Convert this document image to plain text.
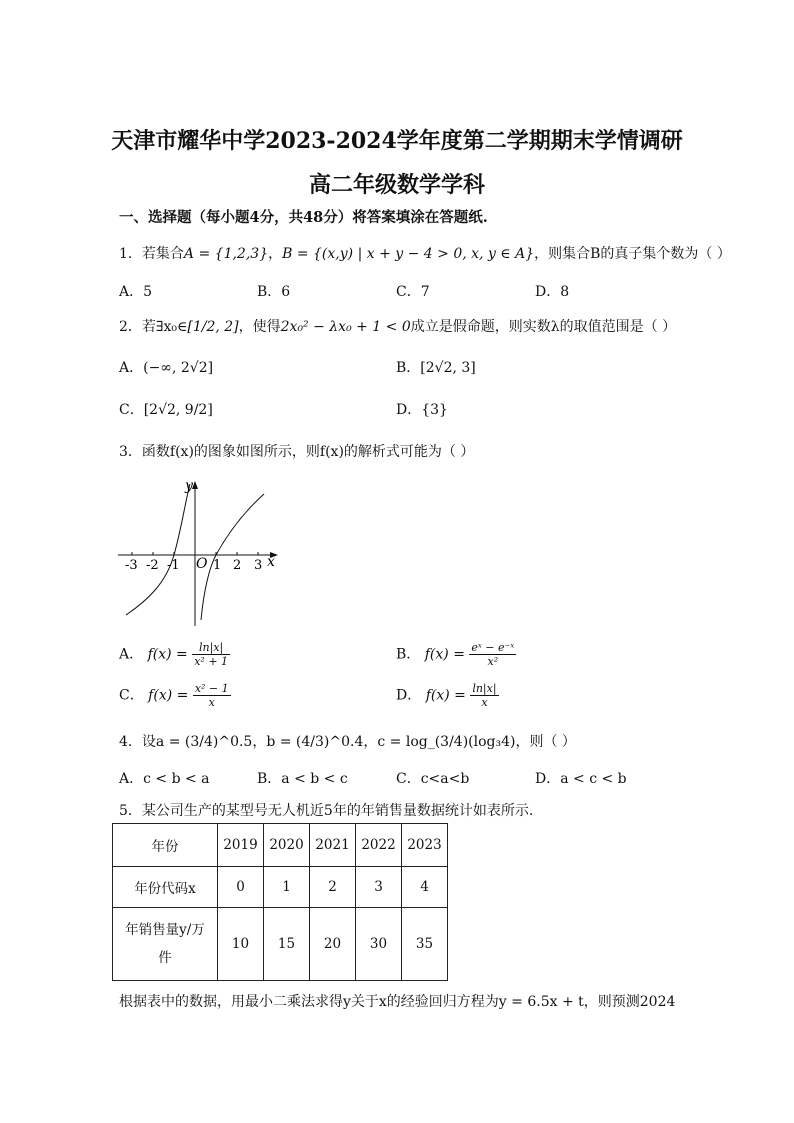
天津市耀华中学2023-2024学年度第二学期期末学情调研
高二年级数学学科
一、选择题（每小题4分，共48分）将答案填涂在答题纸.
1．若集合A = {1,2,3}，B = {(x,y) | x + y − 4 > 0, x, y ∈ A}，则集合B的真子集个数为（ ）
A．5	B．6	C．7	D．8
2．若∃x₀∈[1/2, 2]，使得2x₀² − λx₀ + 1 < 0成立是假命题，则实数λ的取值范围是（ ）
A．(−∞, 2√2]	B．[2√2, 3]
C．[2√2, 9/2]	D．{3}
3．函数f(x)的图象如图所示，则f(x)的解析式可能为（ ）
y
x
O
-3 -2 -1	1 2 3
A． $f(x) = \frac{\ln|x|}{\text{x² + 1}}$	B． $f(x) = \frac{\text{eˣ − e⁻ˣ}}{\text{x²}}$
C． $f(x) = \frac{\text{x² − 1}}{x}$	D． $f(x) = \frac{\ln|x|}{x}$
4．设a = (3/4)^0.5，b = (4/3)^0.4，c = log_(3/4)(log₃4)，则（ ）
A．c < b < a	B．a < b < c	C．c<a<b	D．a < c < b
5．某公司生产的某型号无人机近5年的年销售量数据统计如表所示.
年份	2019	2020	2021	2022	2023
年份代码x	0	1	2	3	4
年销售量y/万件	10	15	20	30	35
根据表中的数据，用最小二乘法求得y关于x的经验回归方程为y = 6.5x + t，则预测2024
